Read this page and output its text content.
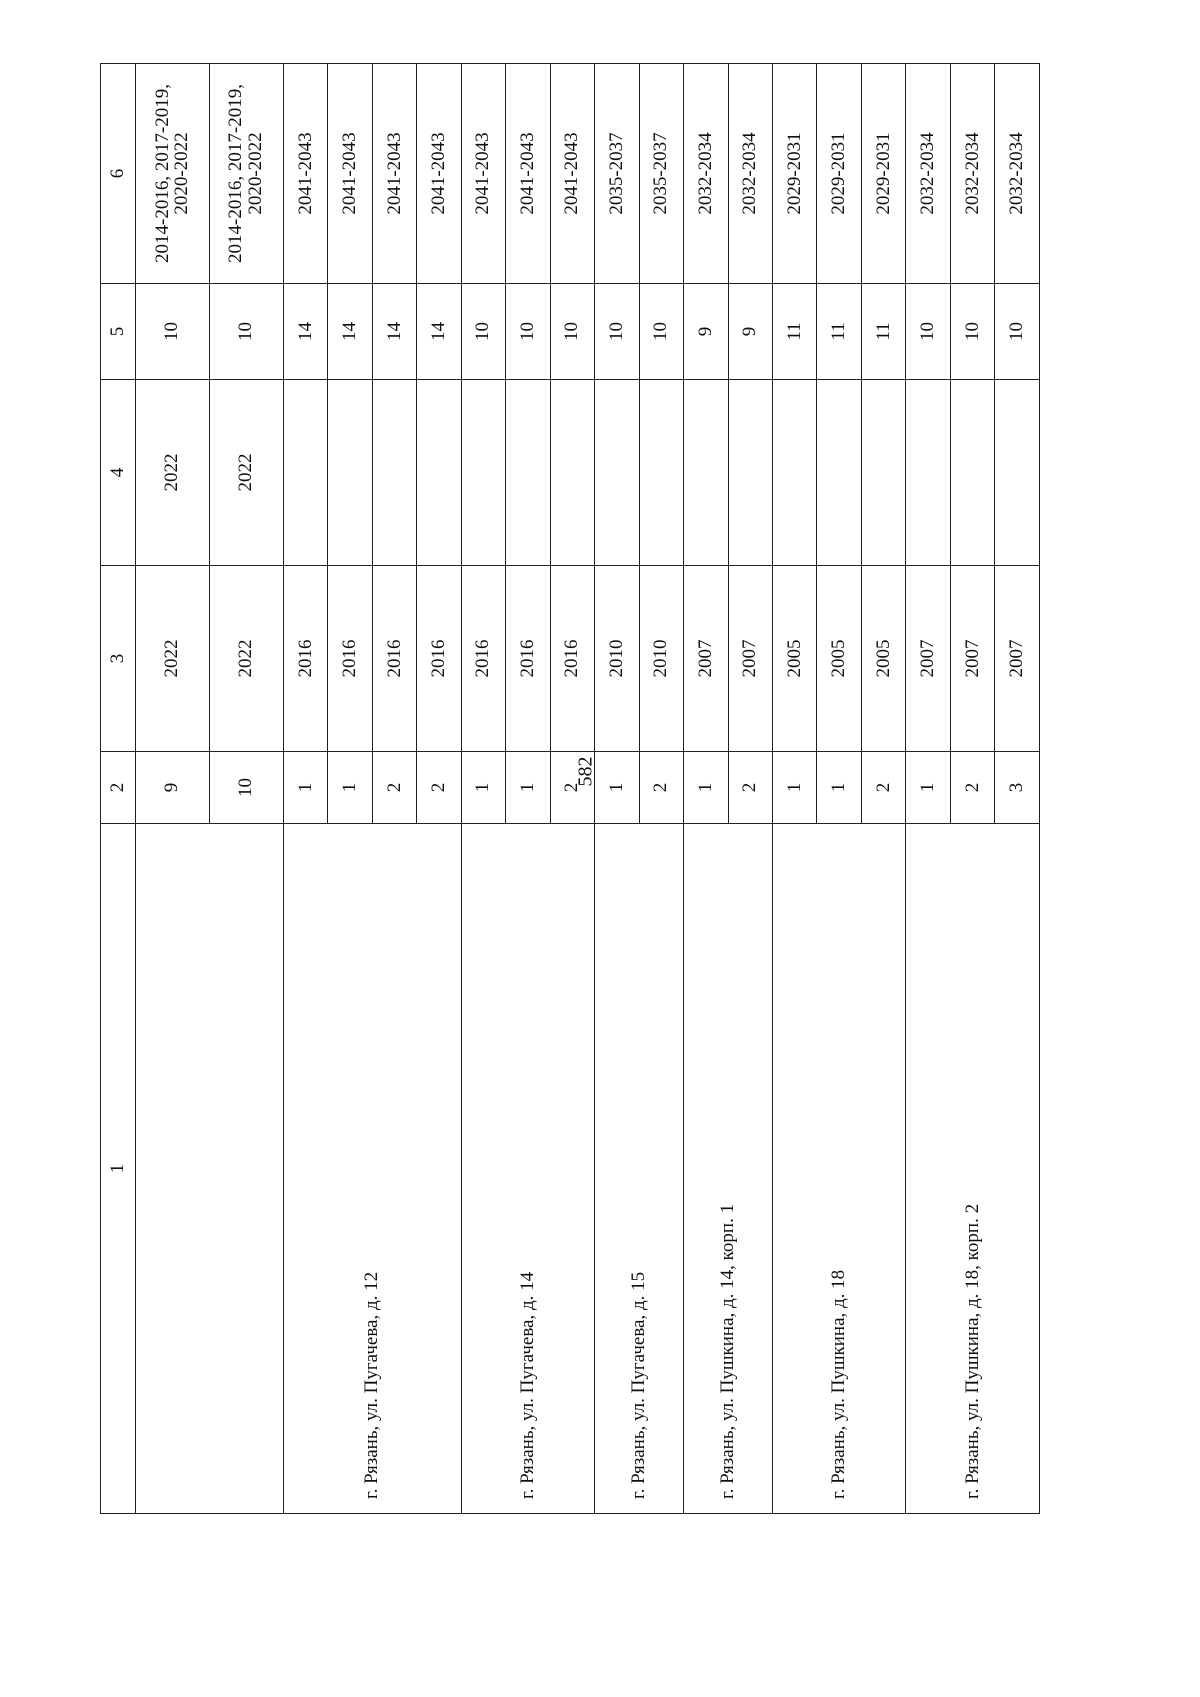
582
1	2	3	4	5	6
	9	2022	2022	10	2014-2016, 2017-2019, 2020-2022
	10	2022	2022	10	2014-2016, 2017-2019, 2020-2022
г. Рязань, ул. Пугачева, д. 12	1	2016		14	2041-2043
	1	2016		14	2041-2043
	2	2016		14	2041-2043
	2	2016		14	2041-2043
г. Рязань, ул. Пугачева, д. 14	1	2016		10	2041-2043
	1	2016		10	2041-2043
	2	2016		10	2041-2043
г. Рязань, ул. Пугачева, д. 15	1	2010		10	2035-2037
	2	2010		10	2035-2037
г. Рязань, ул. Пушкина, д. 14, корп. 1	1	2007		9	2032-2034
	2	2007		9	2032-2034
г. Рязань, ул. Пушкина, д. 18	1	2005		11	2029-2031
	1	2005		11	2029-2031
	2	2005		11	2029-2031
г. Рязань, ул. Пушкина, д. 18, корп. 2	1	2007		10	2032-2034
	2	2007		10	2032-2034
	3	2007		10	2032-2034
